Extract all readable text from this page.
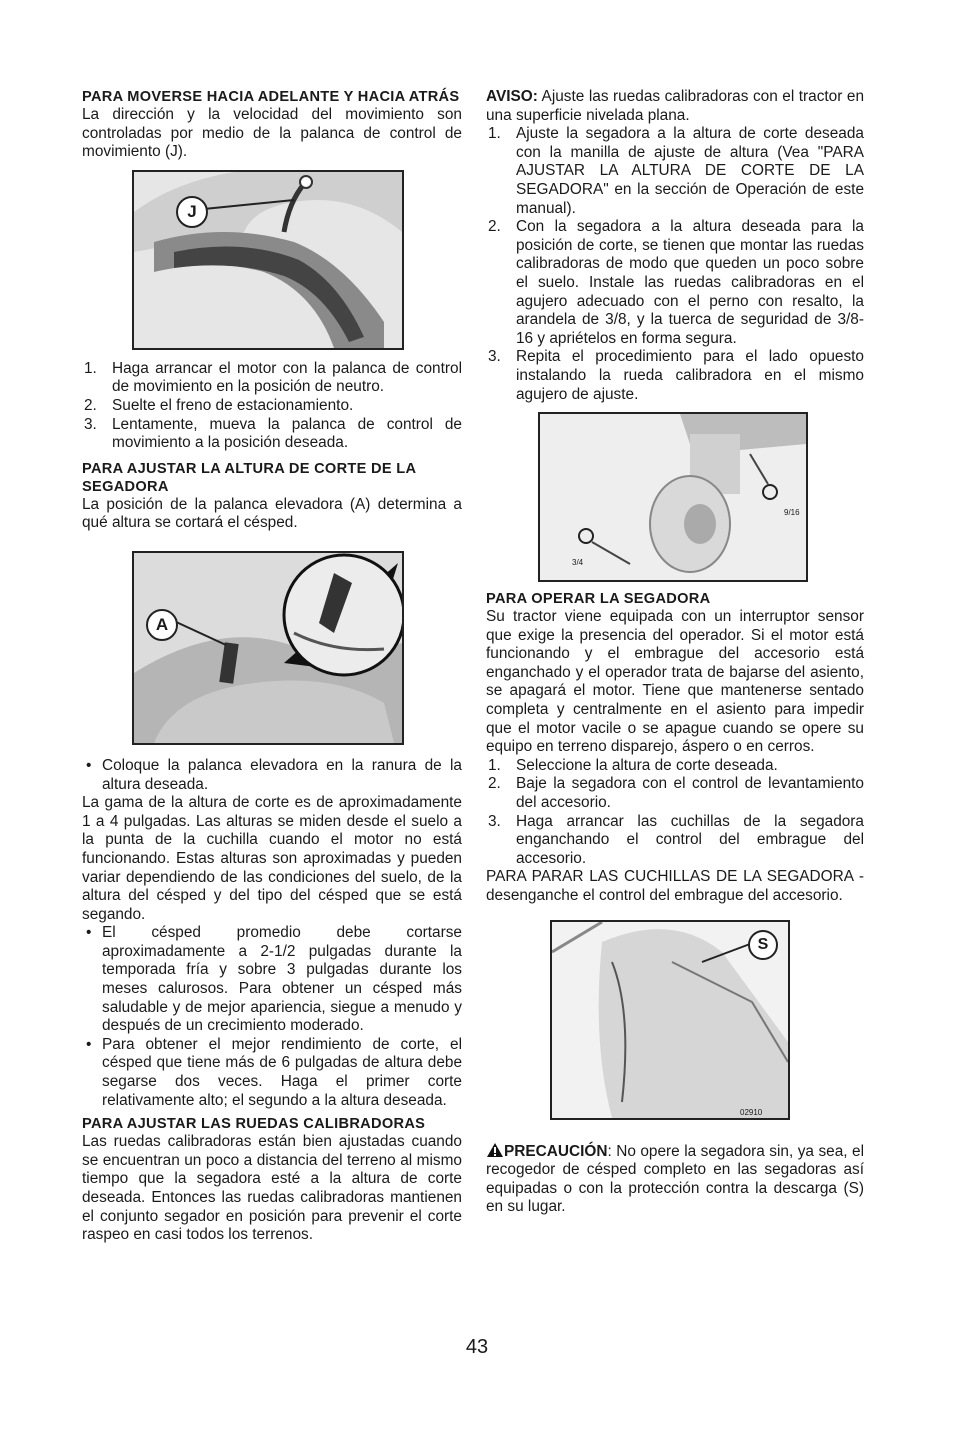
PARA MOVERSE HACIA ADELANTE Y HACIA ATRÁS

La dirección y la velocidad del movimiento son controladas por medio de la palanca de control de movimiento (J).

J
1. Haga arrancar el motor con la palanca de control de movimiento en la posición de neutro.
2. Suelte el freno de estacionamiento.
3. Lentamente, mueva la palanca de control de movimiento a la posición deseada.
PARA AJUSTAR LA ALTURA DE CORTE DE LA SEGADORA

La posición de la palanca elevadora (A) determina a qué altura se cortará el césped.

A
• Coloque la palanca elevadora en la ranura de la altura deseada.

La gama de la altura de corte es de aproximadamente 1 a 4 pulgadas. Las alturas se miden desde el suelo a la punta de la cuchilla cuando el motor no está funcionando. Estas alturas son aproximadas y pueden variar dependiendo de las condiciones del suelo, de la altura del césped y del tipo del césped que se está segando.

• El césped promedio debe cortarse aproximadamente a 2-1/2 pulgadas durante la temporada fría y sobre 3 pulgadas durante los meses calurosos. Para obtener un césped más saludable y de mejor apariencia, siegue a menudo y después de un crecimiento moderado.
• Para obtener el mejor rendimiento de corte, el césped que tiene más de 6 pulgadas de altura debe segarse dos veces. Haga el primer corte relativamente alto; el segundo a la altura deseada.
PARA AJUSTAR LAS RUEDAS CALIBRADORAS

Las ruedas calibradoras están bien ajustadas cuando se encuentran un poco a distancia del terreno al mismo tiempo que la segadora esté a la altura de corte deseada. Entonces las ruedas calibradoras mantienen el conjunto segador en posición para prevenir el corte raspeo en casi todos los terrenos.

AVISO: Ajuste las ruedas calibradoras con el tractor en una superficie nivelada plana.

1. Ajuste la segadora a la altura de corte deseada con la manilla de ajuste de altura (Vea "PARA AJUSTAR LA ALTURA DE CORTE DE LA SEGADORA" en la sección de Operación de este manual).
2. Con la segadora a la altura deseada para la posición de corte, se tienen que montar las ruedas calibradoras de modo que queden un poco sobre el suelo. Instale las ruedas calibradoras en el agujero adecuado con el perno con resalto, la arandela de 3/8, y la tuerca de seguridad de 3/8-16 y apriételos en forma segura.
3. Repita el procedimiento para el lado opuesto instalando la rueda calibradora en el mismo agujero de ajuste.
9/16
3/4
PARA OPERAR LA SEGADORA

Su tractor viene equipada con un interruptor sensor que exige la presencia del operador. Si el motor está funcionando y el embrague del accesorio está enganchado y el operador trata de bajarse del asiento, se apagará el motor. Tiene que mantenerse sentado completa y centralmente en el asiento para impedir que el motor vacile o se apague cuando se opere su equipo en terreno disparejo, áspero o en cerros.

1. Seleccione la altura de corte deseada.
2. Baje la segadora con el control de levantamiento del accesorio.
3. Haga arrancar las cuchillas de la segadora enganchando el control del embrague del accesorio.

PARA PARAR LAS CUCHILLAS DE LA SEGADORA - desenganche el control del embrague del accesorio.

S
02910

PRECAUCIÓN: No opere la segadora sin, ya sea, el recogedor de césped completo en las segadoras así equipadas o con la protección contra la descarga (S) en su lugar.

43
